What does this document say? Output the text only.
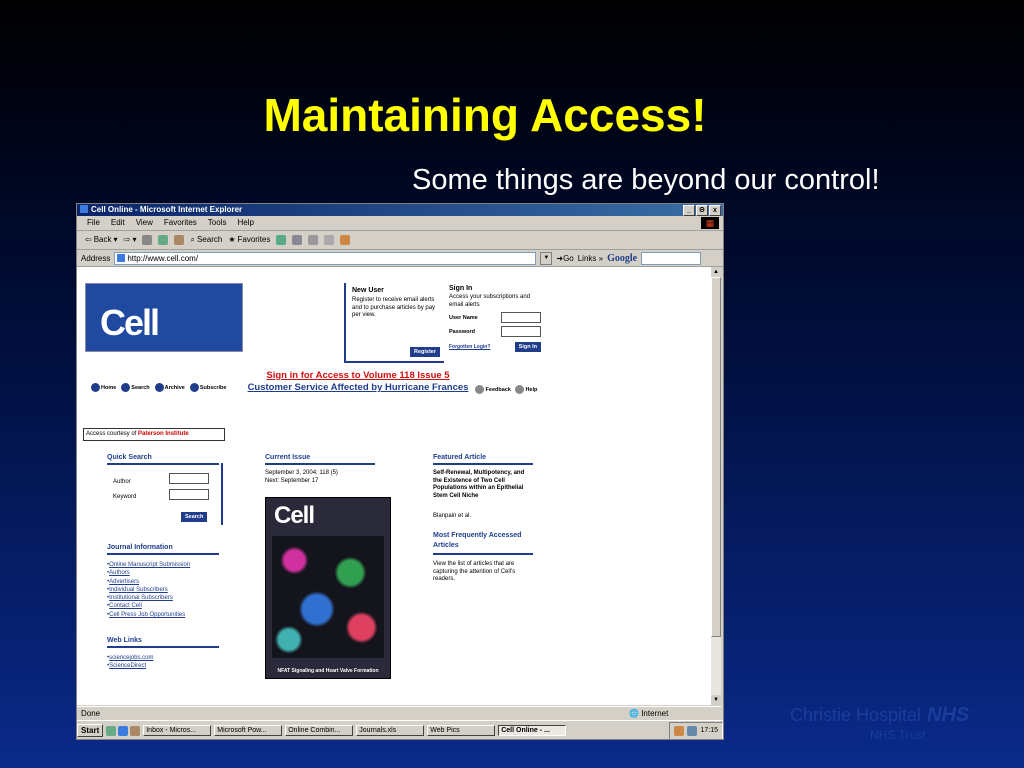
Maintaining Access!
Some things are beyond our control!
Cell Online - Microsoft Internet Explorer	_	Θ	x
File Edit View Favorites Tools Help	▦
⇦ Back ▾ ⇨ ▾	⌕ Search ★ Favorites
Address	http://www.cell.com/	▼ ➜Go Links » Google
Cell
New User
Register to receive email alerts and to purchase articles by pay per view.
Register
Sign In
Access your subscriptions and email alerts
User Name
Password
Forgotten Login?	Sign In
Home	Search	Archive	Subscribe
Sign in for Access to Volume 118 Issue 5
Customer Service Affected by Hurricane Frances	Feedback	Help
Access courtesy of Paterson Institute
Quick Search
Author
Keyword
Search
Journal Information
•Online Manuscript Submission
•Authors
•Advertisers
•Individual Subscribers
•Institutional Subscribers
•Contact Cell
•Cell Press Job Opportunities
Web Links
•sciencejobs.com
•ScienceDirect
Current Issue
September 3, 2004; 118 (5)
Next: September 17
Cell
NFAT Signaling and Heart Valve Formation
Featured Article
Self-Renewal, Multipotency, and the Existence of Two Cell Populations within an Epithelial Stem Cell Niche
Blanpain et al.
Most Frequently Accessed Articles
View the list of articles that are capturing the attention of Cell's readers.
▲
▼
Done	🌐 Internet
Start	Inbox - Micros...	Microsoft Pow...	Online Combin...	Journals.xls	Web Pics	Cell Online - ...	17:15
Christie Hospital NHS
NHS Trust
